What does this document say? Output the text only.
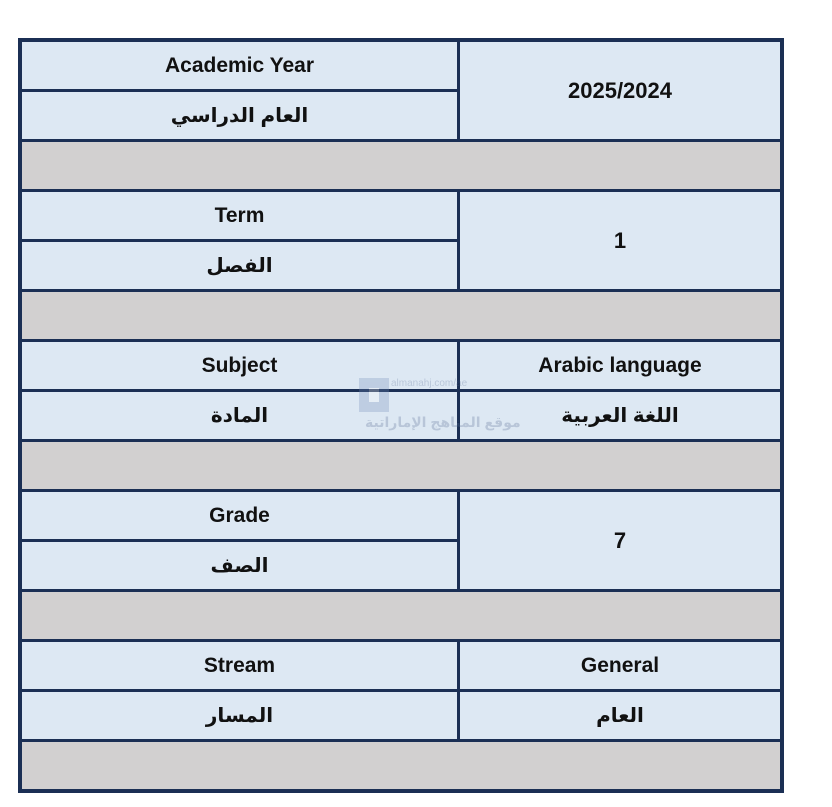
Academic Year	2025/2024
العام الدراسي	

Term	1
الفصل	

Subject	Arabic language
المادة	اللغة العربية

Grade	7
الصف	

Stream	General
المسار	العام

almanahj.com/ae
موقع المناهج الإماراتية
